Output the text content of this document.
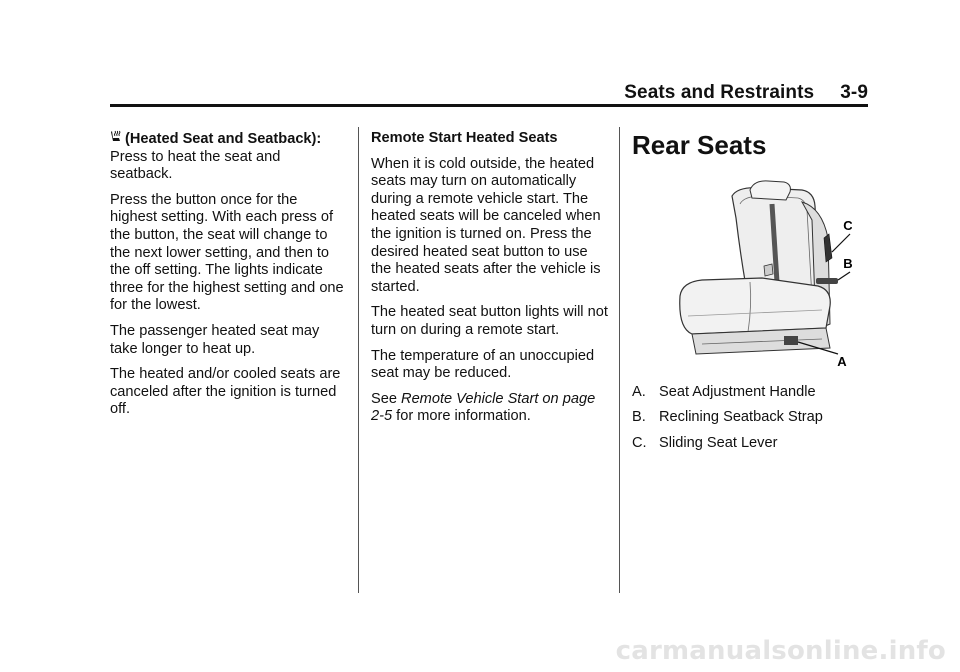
Seats and Restraints 3-9

(Heated Seat and Seatback):
Press to heat the seat and seatback.

Press the button once for the highest setting. With each press of the button, the seat will change to the next lower setting, and then to the off setting. The lights indicate three for the highest setting and one for the lowest.

The passenger heated seat may take longer to heat up.

The heated and/or cooled seats are canceled after the ignition is turned off.

Remote Start Heated Seats

When it is cold outside, the heated seats may turn on automatically during a remote vehicle start. The heated seats will be canceled when the ignition is turned on. Press the desired heated seat button to use the heated seats after the vehicle is started.

The heated seat button lights will not turn on during a remote start.

The temperature of an unoccupied seat may be reduced.

See Remote Vehicle Start on page 2-5 for more information.

Rear Seats
C
B
A
A. Seat Adjustment Handle
B. Reclining Seatback Strap
C. Sliding Seat Lever
carmanualsonline.info
